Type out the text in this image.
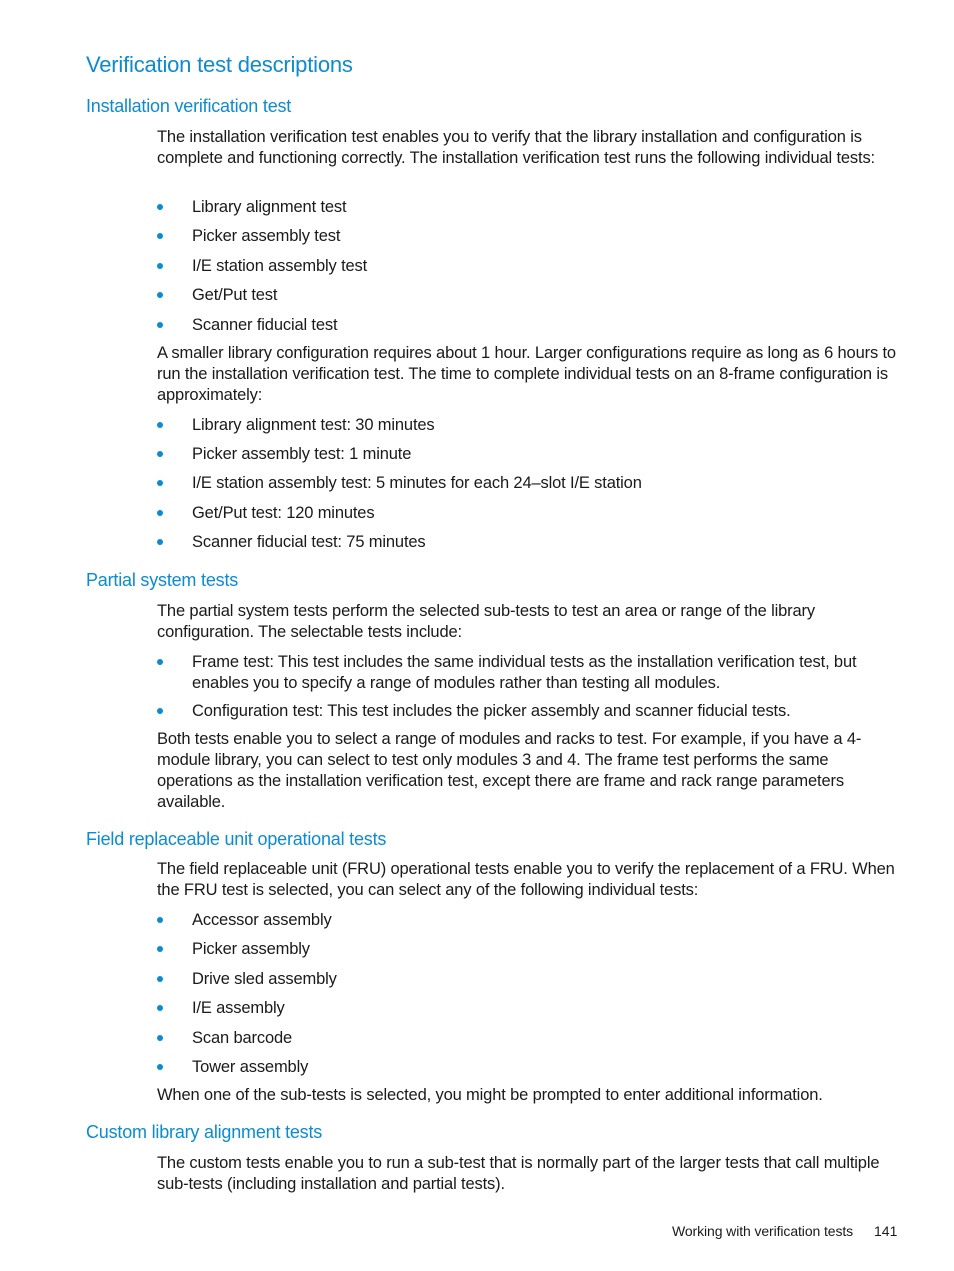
Verification test descriptions
Installation verification test

The installation verification test enables you to verify that the library installation and configuration is complete and functioning correctly. The installation verification test runs the following individual tests:

Library alignment test
Picker assembly test
I/E station assembly test
Get/Put test
Scanner fiducial test

A smaller library configuration requires about 1 hour. Larger configurations require as long as 6 hours to run the installation verification test. The time to complete individual tests on an 8-frame configuration is approximately:

Library alignment test: 30 minutes
Picker assembly test: 1 minute
I/E station assembly test: 5 minutes for each 24–slot I/E station
Get/Put test: 120 minutes
Scanner fiducial test: 75 minutes
Partial system tests

The partial system tests perform the selected sub-tests to test an area or range of the library configuration. The selectable tests include:

Frame test: This test includes the same individual tests as the installation verification test, but enables you to specify a range of modules rather than testing all modules.
Configuration test: This test includes the picker assembly and scanner fiducial tests.

Both tests enable you to select a range of modules and racks to test. For example, if you have a 4-module library, you can select to test only modules 3 and 4. The frame test performs the same operations as the installation verification test, except there are frame and rack range parameters available.

Field replaceable unit operational tests

The field replaceable unit (FRU) operational tests enable you to verify the replacement of a FRU. When the FRU test is selected, you can select any of the following individual tests:

Accessor assembly
Picker assembly
Drive sled assembly
I/E assembly
Scan barcode
Tower assembly

When one of the sub-tests is selected, you might be prompted to enter additional information.

Custom library alignment tests

The custom tests enable you to run a sub-test that is normally part of the larger tests that call multiple sub-tests (including installation and partial tests).

Working with verification tests 141
